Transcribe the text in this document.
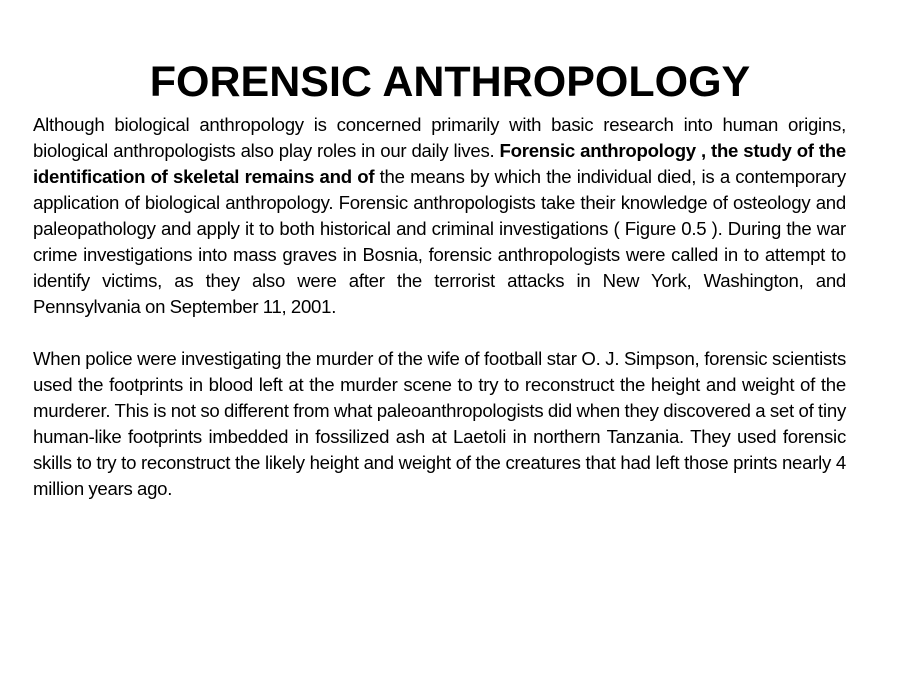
FORENSIC ANTHROPOLOGY

Although biological anthropology is concerned primarily with basic research into human origins, biological anthropologists also play roles in our daily lives. Forensic anthropology , the study of the identification of skeletal remains and of the means by which the individual died, is a contemporary application of biological anthropology. Forensic anthropologists take their knowledge of osteology and paleopathology and apply it to both historical and criminal investigations ( Figure 0.5 ). During the war crime investigations into mass graves in Bosnia, forensic anthropologists were called in to attempt to identify victims, as they also were after the terrorist attacks in New York, Washington, and Pennsylvania on September 11, 2001.

When police were investigating the murder of the wife of football star O. J. Simpson, forensic scientists used the footprints in blood left at the murder scene to try to reconstruct the height and weight of the murderer. This is not so different from what paleoanthropologists did when they discovered a set of tiny human-like footprints imbedded in fossilized ash at Laetoli in northern Tanzania. They used forensic skills to try to reconstruct the likely height and weight of the creatures that had left those prints nearly 4 million years ago.
